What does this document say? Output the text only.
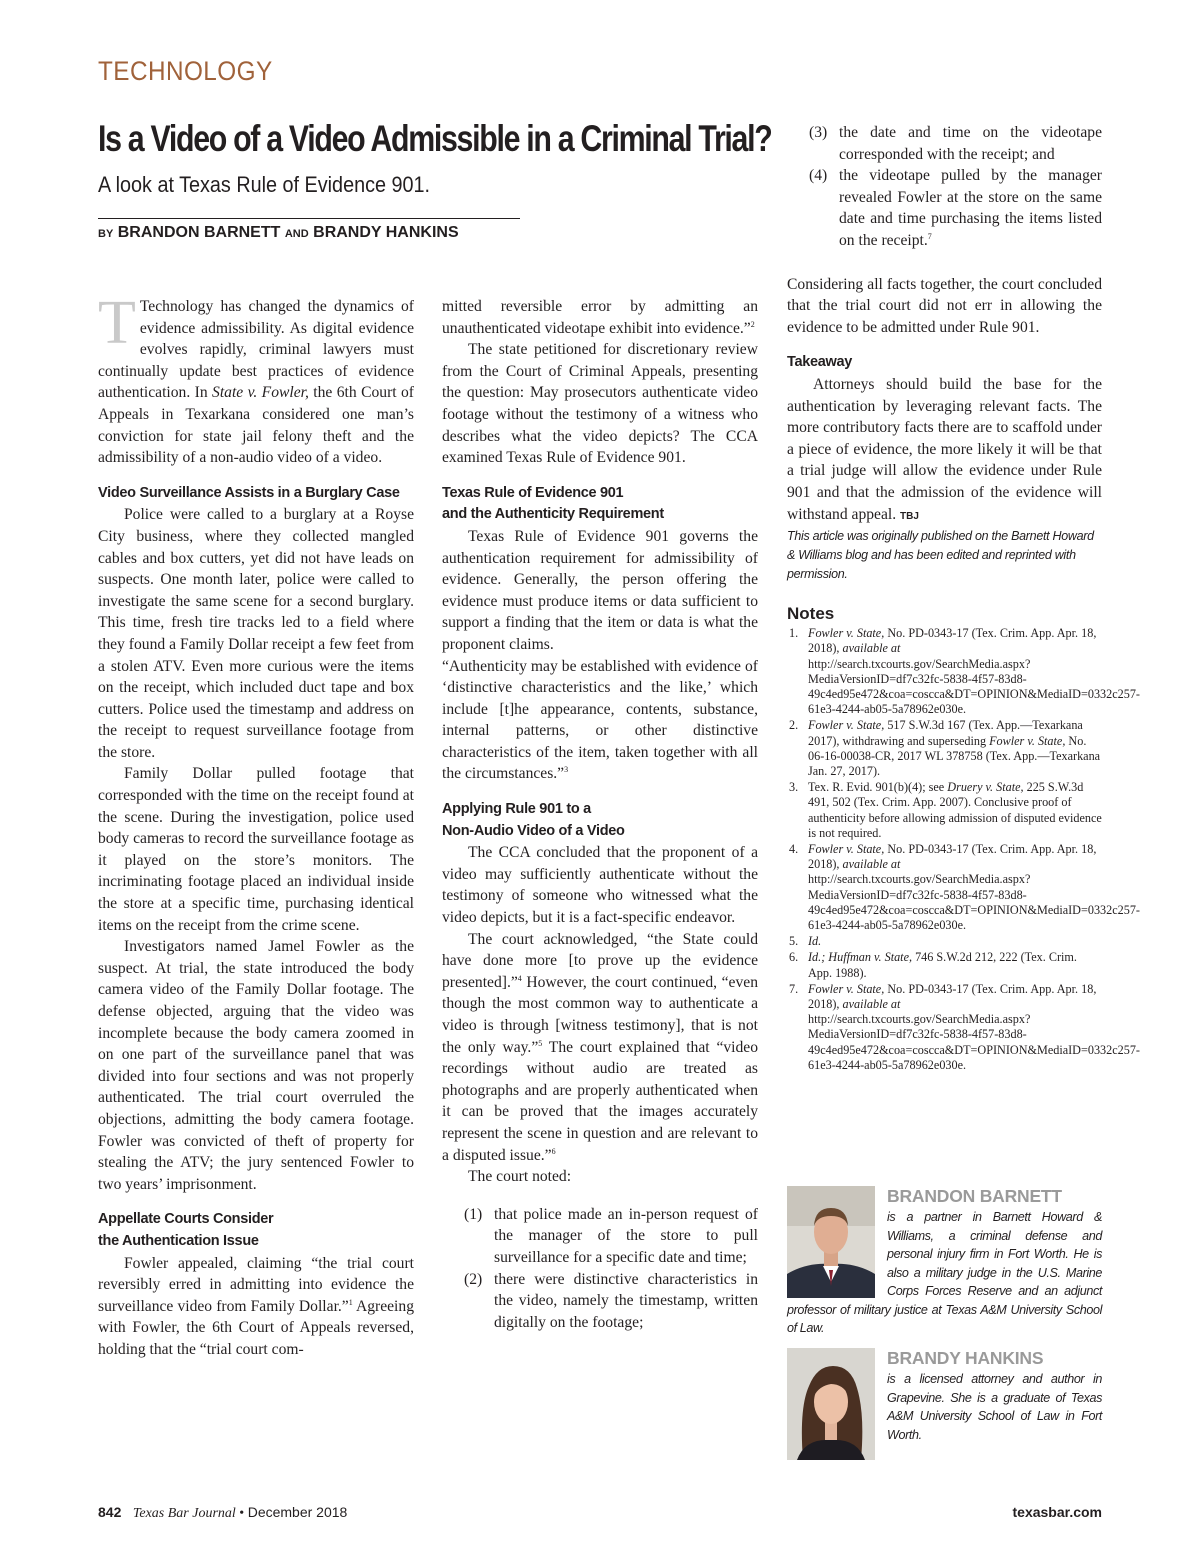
TECHNOLOGY
Is a Video of a Video Admissible in a Criminal Trial?
A look at Texas Rule of Evidence 901.
BY BRANDON BARNETT AND BRANDY HANKINS

T Technology has changed the dynamics of evidence admissibility. As digital evidence evolves rapidly, criminal lawyers must continually update best practices of evidence authentication. In State v. Fowler, the 6th Court of Appeals in Texarkana considered one man’s conviction for state jail felony theft and the admissibility of a non-audio video of a video.

Video Surveillance Assists in a Burglary Case

Police were called to a burglary at a Royse City business, where they collected mangled cables and box cutters, yet did not have leads on suspects. One month later, police were called to investigate the same scene for a second burglary. This time, fresh tire tracks led to a field where they found a Family Dollar receipt a few feet from a stolen ATV. Even more curious were the items on the receipt, which included duct tape and box cutters. Police used the timestamp and address on the receipt to request surveillance footage from the store.

Family Dollar pulled footage that corresponded with the time on the receipt found at the scene. During the investigation, police used body cameras to record the surveillance footage as it played on the store’s monitors. The incriminating footage placed an individual inside the store at a specific time, purchasing identical items on the receipt from the crime scene.

Investigators named Jamel Fowler as the suspect. At trial, the state introduced the body camera video of the Family Dollar footage. The defense objected, arguing that the video was incomplete because the body camera zoomed in on one part of the surveillance panel that was divided into four sections and was not properly authenticated. The trial court overruled the objections, admitting the body camera footage. Fowler was convicted of theft of property for stealing the ATV; the jury sentenced Fowler to two years’ imprisonment.

Appellate Courts Consider
the Authentication Issue

Fowler appealed, claiming “the trial court reversibly erred in admitting into evidence the surveillance video from Family Dollar.”$^1$ Agreeing with Fowler, the 6th Court of Appeals reversed, holding that the “trial court com-

mitted reversible error by admitting an unauthenticated videotape exhibit into evidence.”$^2$

The state petitioned for discretionary review from the Court of Criminal Appeals, presenting the question: May prosecutors authenticate video footage without the testimony of a witness who describes what the video depicts? The CCA examined Texas Rule of Evidence 901.

Texas Rule of Evidence 901
and the Authenticity Requirement

Texas Rule of Evidence 901 governs the authentication requirement for admissibility of evidence. Generally, the person offering the evidence must produce items or data sufficient to support a finding that the item or data is what the proponent claims.

“Authenticity may be established with evidence of ‘distinctive characteristics and the like,’ which include [t]he appearance, contents, substance, internal patterns, or other distinctive characteristics of the item, taken together with all the circumstances.”$^3$

Applying Rule 901 to a
Non-Audio Video of a Video

The CCA concluded that the proponent of a video may sufficiently authenticate without the testimony of someone who witnessed what the video depicts, but it is a fact-specific endeavor.

The court acknowledged, “the State could have done more [to prove up the evidence presented].”$^4$ However, the court continued, “even though the most common way to authenticate a video is through [witness testimony], that is not the only way.”$^5$ The court explained that “video recordings without audio are treated as photographs and are properly authenticated when it can be proved that the images accurately represent the scene in question and are relevant to a disputed issue.”$^6$

The court noted:

(1) that police made an in-person request of the manager of the store to pull surveillance for a specific date and time;
(2) there were distinctive characteristics in the video, namely the timestamp, written digitally on the footage;
(3) the date and time on the videotape corresponded with the receipt; and
(4) the videotape pulled by the manager revealed Fowler at the store on the same date and time purchasing the items listed on the receipt.$^7$

Considering all facts together, the court concluded that the trial court did not err in allowing the evidence to be admitted under Rule 901.

Takeaway

Attorneys should build the base for the authentication by leveraging relevant facts. The more contributory facts there are to scaffold under a piece of evidence, the more likely it will be that a trial judge will allow the evidence under Rule 901 and that the admission of the evidence will withstand appeal. TBJ

This article was originally published on the Barnett Howard & Williams blog and has been edited and reprinted with permission.

Notes
1. Fowler v. State, No. PD-0343-17 (Tex. Crim. App. Apr. 18, 2018), available at http://search.txcourts.gov/SearchMedia.aspx?MediaVersionID=df7c32fc-5838-4f57-83d8-49c4ed95e472&coa=coscca&DT=OPINION&MediaID=0332c257-61e3-4244-ab05-5a78962e030e.
2. Fowler v. State, 517 S.W.3d 167 (Tex. App.—Texarkana 2017), withdrawing and superseding Fowler v. State, No. 06-16-00038-CR, 2017 WL 378758 (Tex. App.—Texarkana Jan. 27, 2017).
3. Tex. R. Evid. 901(b)(4); see Druery v. State, 225 S.W.3d 491, 502 (Tex. Crim. App. 2007). Conclusive proof of authenticity before allowing admission of disputed evidence is not required.
4. Fowler v. State, No. PD-0343-17 (Tex. Crim. App. Apr. 18, 2018), available at http://search.txcourts.gov/SearchMedia.aspx?MediaVersionID=df7c32fc-5838-4f57-83d8-49c4ed95e472&coa=coscca&DT=OPINION&MediaID=0332c257-61e3-4244-ab05-5a78962e030e.
5. Id.
6. Id.; Huffman v. State, 746 S.W.2d 212, 222 (Tex. Crim. App. 1988).
7. Fowler v. State, No. PD-0343-17 (Tex. Crim. App. Apr. 18, 2018), available at http://search.txcourts.gov/SearchMedia.aspx?MediaVersionID=df7c32fc-5838-4f57-83d8-49c4ed95e472&coa=coscca&DT=OPINION&MediaID=0332c257-61e3-4244-ab05-5a78962e030e.
BRANDON BARNETT
is a partner in Barnett Howard & Williams, a criminal defense and personal injury firm in Fort Worth. He is also a military judge in the U.S. Marine Corps Forces Reserve and an adjunct professor of military justice at Texas A&M University School of Law.
BRANDY HANKINS
is a licensed attorney and author in Grapevine. She is a graduate of Texas A&M University School of Law in Fort Worth.
842 Texas Bar Journal • December 2018	texasbar.com
